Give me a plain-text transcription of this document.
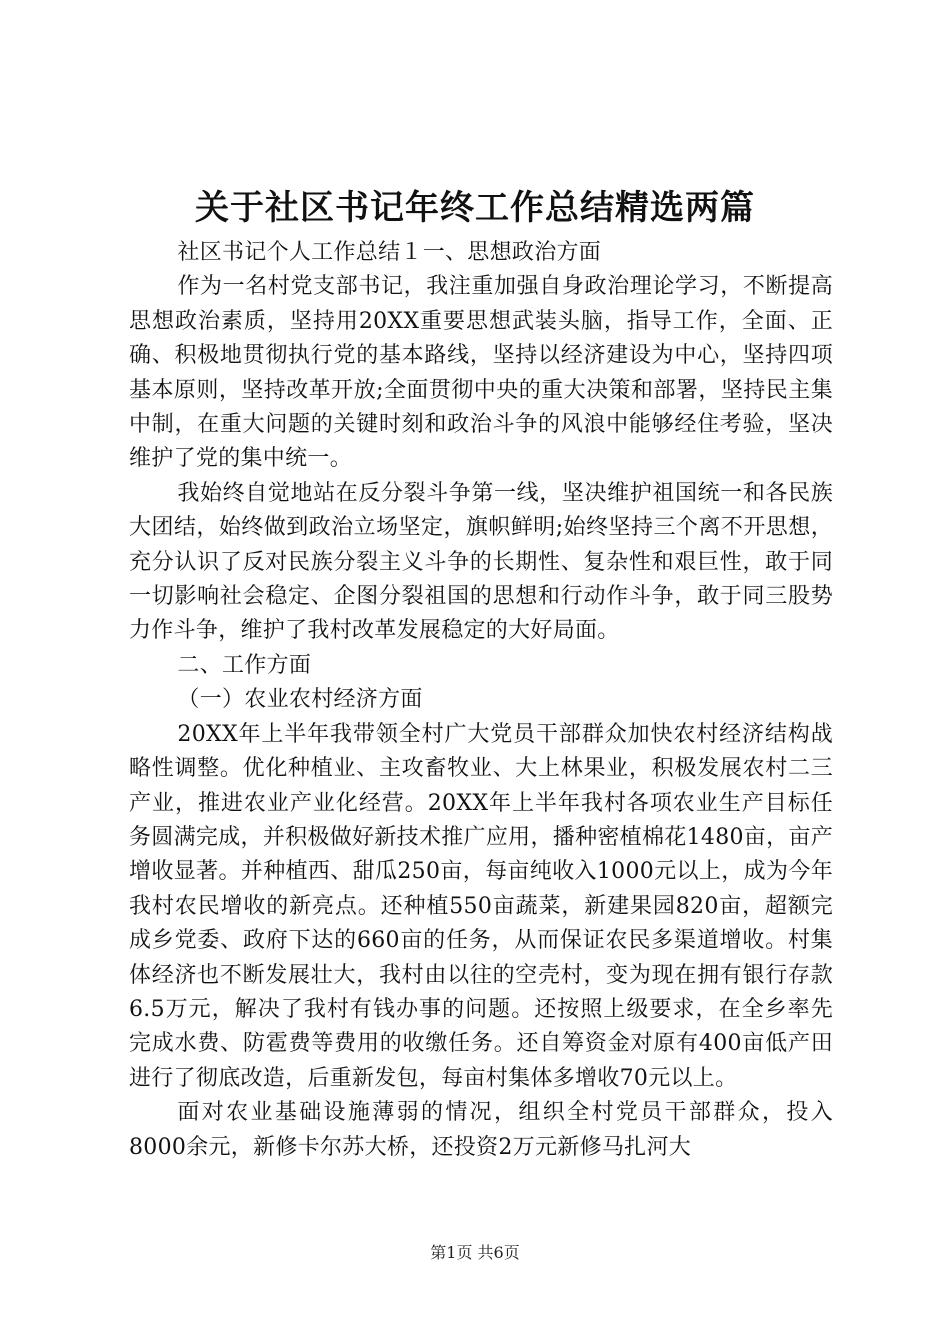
关于社区书记年终工作总结精选两篇

社区书记个人工作总结１一、思想政治方面

作为一名村党支部书记，我注重加强自身政治理论学习，不断提高思想政治素质，坚持用20XX重要思想武装头脑，指导工作，全面、正确、积极地贯彻执行党的基本路线，坚持以经济建设为中心，坚持四项基本原则，坚持改革开放;全面贯彻中央的重大决策和部署，坚持民主集中制，在重大问题的关键时刻和政治斗争的风浪中能够经住考验，坚决维护了党的集中统一。

我始终自觉地站在反分裂斗争第一线，坚决维护祖国统一和各民族大团结，始终做到政治立场坚定，旗帜鲜明;始终坚持三个离不开思想，充分认识了反对民族分裂主义斗争的长期性、复杂性和艰巨性，敢于同一切影响社会稳定、企图分裂祖国的思想和行动作斗争，敢于同三股势力作斗争，维护了我村改革发展稳定的大好局面。

二、工作方面

（一）农业农村经济方面

20XX年上半年我带领全村广大党员干部群众加快农村经济结构战略性调整。优化种植业、主攻畜牧业、大上林果业，积极发展农村二三产业，推进农业产业化经营。20XX年上半年我村各项农业生产目标任务圆满完成，并积极做好新技术推广应用，播种密植棉花1480亩，亩产增收显著。并种植西、甜瓜250亩，每亩纯收入1000元以上，成为今年我村农民增收的新亮点。还种植550亩蔬菜，新建果园820亩，超额完成乡党委、政府下达的660亩的任务，从而保证农民多渠道增收。村集体经济也不断发展壮大，我村由以往的空壳村，变为现在拥有银行存款6.5万元，解决了我村有钱办事的问题。还按照上级要求，在全乡率先完成水费、防雹费等费用的收缴任务。还自筹资金对原有400亩低产田进行了彻底改造，后重新发包，每亩村集体多增收70元以上。

面对农业基础设施薄弱的情况，组织全村党员干部群众，投入8000余元，新修卡尔苏大桥，还投资2万元新修马扎河大

第1页 共6页
